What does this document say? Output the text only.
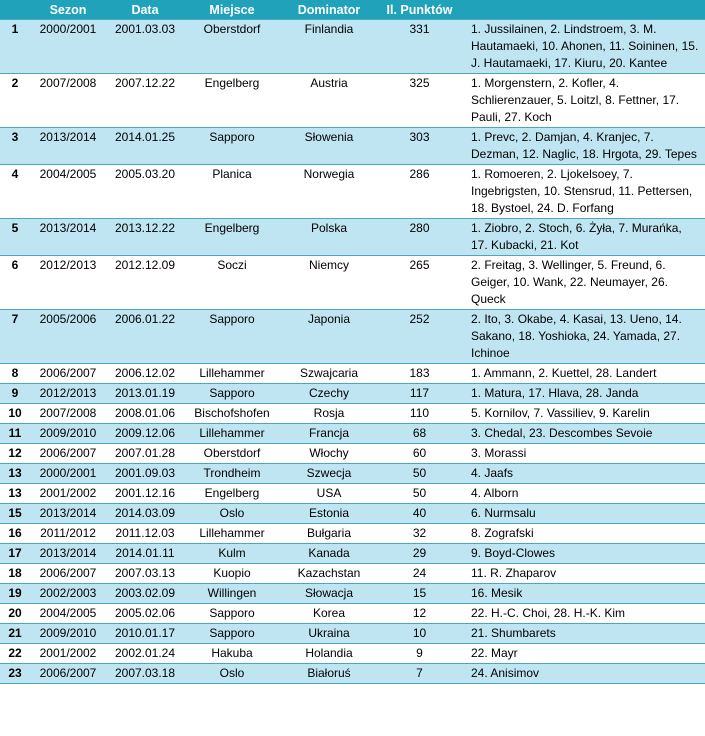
	Sezon	Data	Miejsce	Dominator	Il. Punktów	
1	2000/2001	2001.03.03	Oberstdorf	Finlandia	331	1. Jussilainen, 2. Lindstroem, 3. M. Hautamaeki, 10. Ahonen, 11. Soininen, 15. J. Hautamaeki, 17. Kiuru, 20. Kantee
2	2007/2008	2007.12.22	Engelberg	Austria	325	1. Morgenstern, 2. Kofler, 4. Schlierenzauer, 5. Loitzl, 8. Fettner, 17. Pauli, 27. Koch
3	2013/2014	2014.01.25	Sapporo	Słowenia	303	1. Prevc, 2. Damjan, 4. Kranjec, 7. Dezman, 12. Naglic, 18. Hrgota, 29. Tepes
4	2004/2005	2005.03.20	Planica	Norwegia	286	1. Romoeren, 2. Ljokelsoey, 7. Ingebrigsten, 10. Stensrud, 11. Pettersen, 18. Bystoel, 24. D. Forfang
5	2013/2014	2013.12.22	Engelberg	Polska	280	1. Ziobro, 2. Stoch, 6. Żyła, 7. Murańka, 17. Kubacki, 21. Kot
6	2012/2013	2012.12.09	Soczi	Niemcy	265	2. Freitag, 3. Wellinger, 5. Freund, 6. Geiger, 10. Wank, 22. Neumayer, 26. Queck
7	2005/2006	2006.01.22	Sapporo	Japonia	252	2. Ito, 3. Okabe, 4. Kasai, 13. Ueno, 14. Sakano, 18. Yoshioka, 24. Yamada, 27. Ichinoe
8	2006/2007	2006.12.02	Lillehammer	Szwajcaria	183	1. Ammann, 2. Kuettel, 28. Landert
9	2012/2013	2013.01.19	Sapporo	Czechy	117	1. Matura, 17. Hlava, 28. Janda
10	2007/2008	2008.01.06	Bischofshofen	Rosja	110	5. Kornilov, 7. Vassiliev, 9. Karelin
11	2009/2010	2009.12.06	Lillehammer	Francja	68	3. Chedal, 23. Descombes Sevoie
12	2006/2007	2007.01.28	Oberstdorf	Włochy	60	3. Morassi
13	2000/2001	2001.09.03	Trondheim	Szwecja	50	4. Jaafs
13	2001/2002	2001.12.16	Engelberg	USA	50	4. Alborn
15	2013/2014	2014.03.09	Oslo	Estonia	40	6. Nurmsalu
16	2011/2012	2011.12.03	Lillehammer	Bułgaria	32	8. Zografski
17	2013/2014	2014.01.11	Kulm	Kanada	29	9. Boyd-Clowes
18	2006/2007	2007.03.13	Kuopio	Kazachstan	24	11. R. Zhaparov
19	2002/2003	2003.02.09	Willingen	Słowacja	15	16. Mesik
20	2004/2005	2005.02.06	Sapporo	Korea	12	22. H.-C. Choi, 28. H.-K. Kim
21	2009/2010	2010.01.17	Sapporo	Ukraina	10	21. Shumbarets
22	2001/2002	2002.01.24	Hakuba	Holandia	9	22. Mayr
23	2006/2007	2007.03.18	Oslo	Białoruś	7	24. Anisimov
